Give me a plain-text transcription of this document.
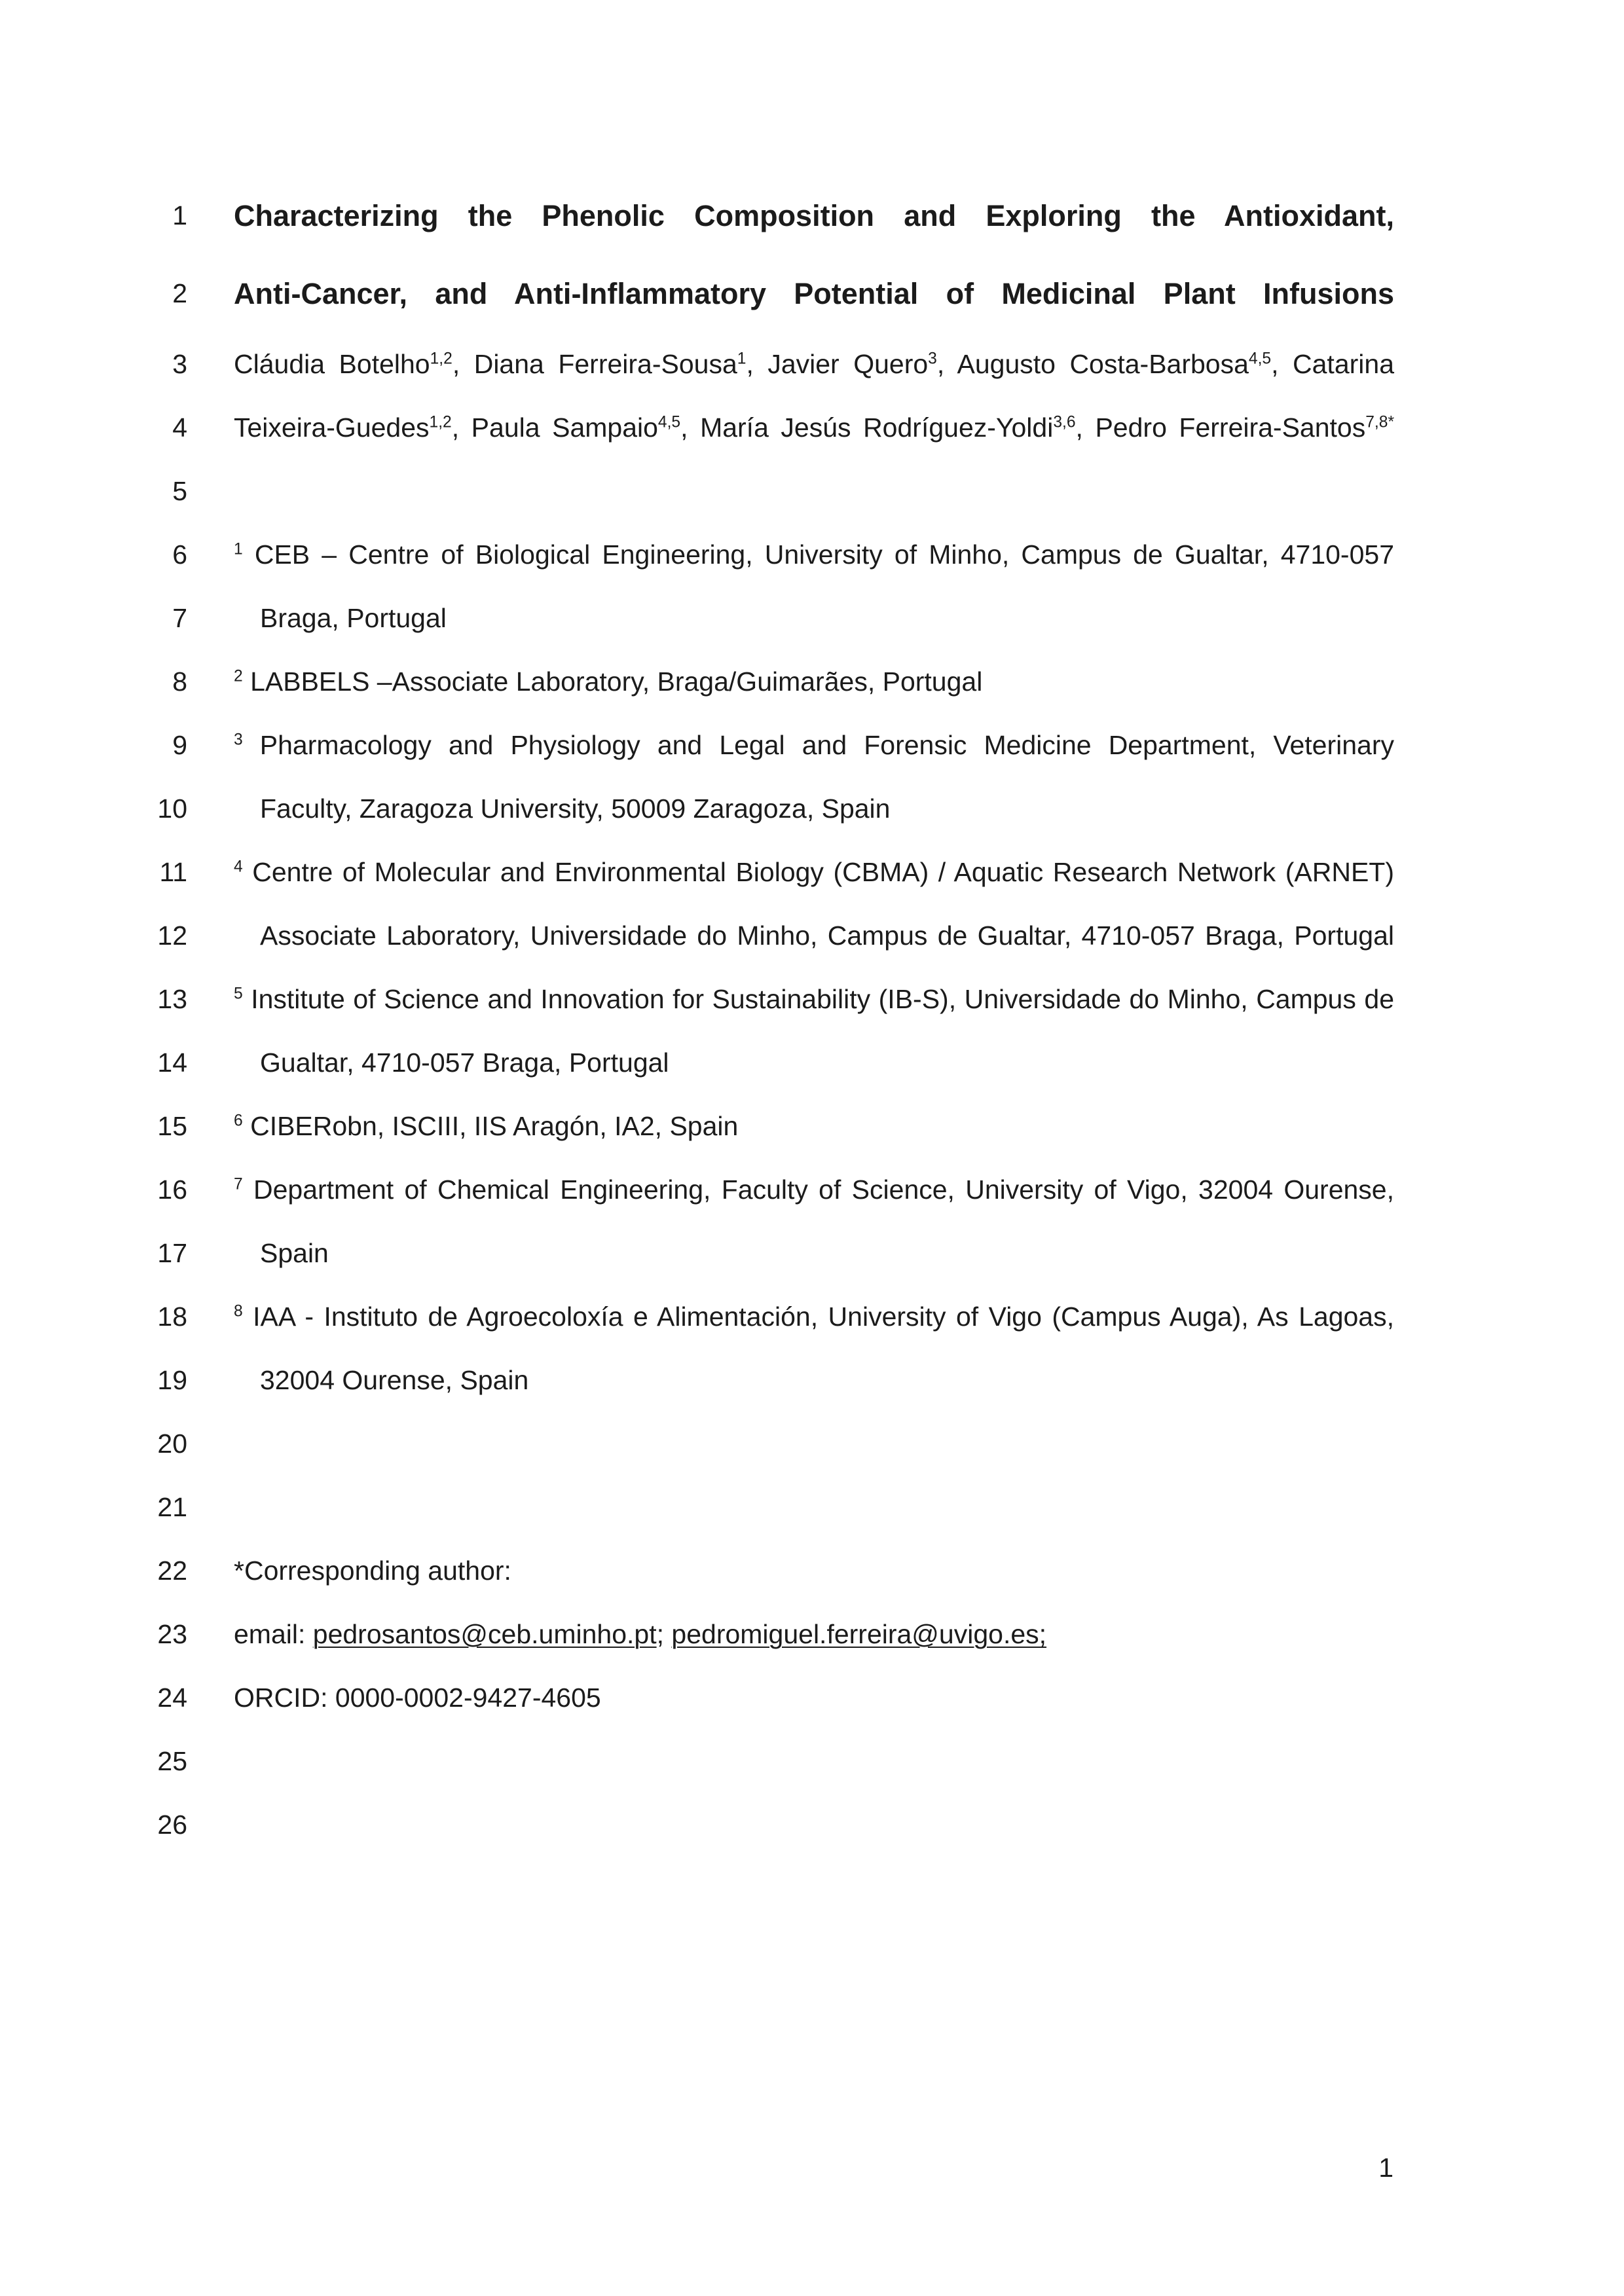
1 Characterizing the Phenolic Composition and Exploring the Antioxidant,
2 Anti-Cancer, and Anti-Inflammatory Potential of Medicinal Plant Infusions
3 Cláudia Botelho$^{1,2}$, Diana Ferreira-Sousa$^1$, Javier Quero$^3$, Augusto Costa-Barbosa$^{4,5}$, Catarina
4 Teixeira-Guedes$^{1,2}$, Paula Sampaio$^{4,5}$, María Jesús Rodríguez-Yoldi$^{3,6}$, Pedro Ferreira-Santos$^{7,8*}$
5
6	$^1$ CEB – Centre of Biological Engineering, University of Minho, Campus de Gualtar, 4710-057
7	Braga, Portugal
8	$^2$ LABBELS –Associate Laboratory, Braga/Guimarães, Portugal
9	$^3$ Pharmacology and Physiology and Legal and Forensic Medicine Department, Veterinary
10	Faculty, Zaragoza University, 50009 Zaragoza, Spain
11	$^4$ Centre of Molecular and Environmental Biology (CBMA) / Aquatic Research Network (ARNET)
12	Associate Laboratory, Universidade do Minho, Campus de Gualtar, 4710-057 Braga, Portugal
13	$^5$ Institute of Science and Innovation for Sustainability (IB-S), Universidade do Minho, Campus de
14	Gualtar, 4710-057 Braga, Portugal
15	$^6$ CIBERobn, ISCIII, IIS Aragón, IA2, Spain
16	$^7$ Department of Chemical Engineering, Faculty of Science, University of Vigo, 32004 Ourense,
17	Spain
18	$^8$ IAA - Instituto de Agroecoloxía e Alimentación, University of Vigo (Campus Auga), As Lagoas,
19	32004 Ourense, Spain
20
21
22 *Corresponding author:
23 email: pedrosantos@ceb.uminho.pt; pedromiguel.ferreira@uvigo.es;
24 ORCID: 0000-0002-9427-4605
25
26
1
